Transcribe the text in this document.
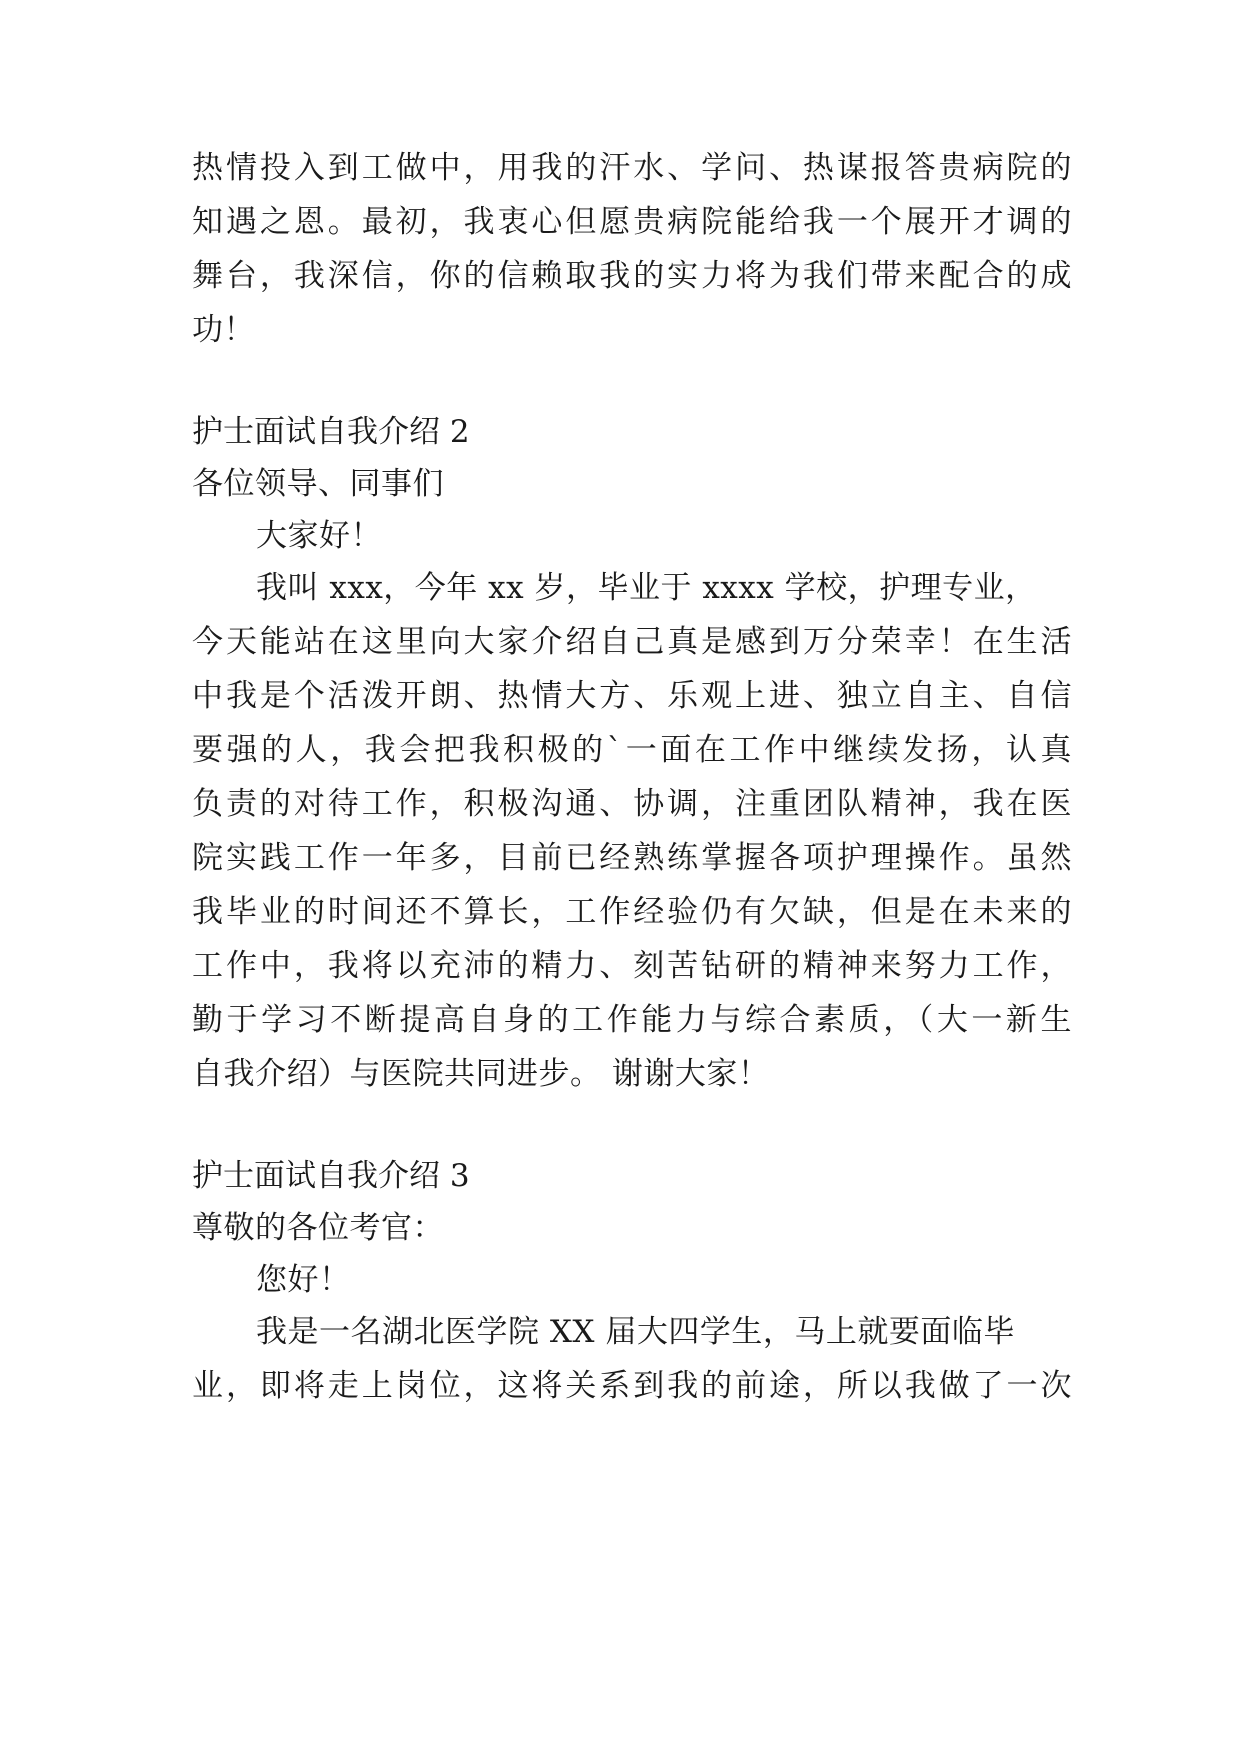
热情投入到工做中，用我的汗水、学问、热谋报答贵病院的
知遇之恩。最初，我衷心但愿贵病院能给我一个展开才调的
舞台，我深信，你的信赖取我的实力将为我们带来配合的成
功！
护士面试自我介绍 2
各位领导、同事们
大家好！
我叫 xxx，今年 xx 岁，毕业于 xxxx 学校，护理专业，
今天能站在这里向大家介绍自己真是感到万分荣幸！在生活
中我是个活泼开朗、热情大方、乐观上进、独立自主、自信
要强的人，我会把我积极的`一面在工作中继续发扬，认真
负责的对待工作，积极沟通、协调，注重团队精神，我在医
院实践工作一年多，目前已经熟练掌握各项护理操作。虽然
我毕业的时间还不算长，工作经验仍有欠缺，但是在未来的
工作中，我将以充沛的精力、刻苦钻研的精神来努力工作，
勤于学习不断提高自身的工作能力与综合素质，（大一新生
自我介绍）与医院共同进步。 谢谢大家！
护士面试自我介绍 3
尊敬的各位考官：
您好！
我是一名湖北医学院 XX 届大四学生，马上就要面临毕
业，即将走上岗位，这将关系到我的前途，所以我做了一次
